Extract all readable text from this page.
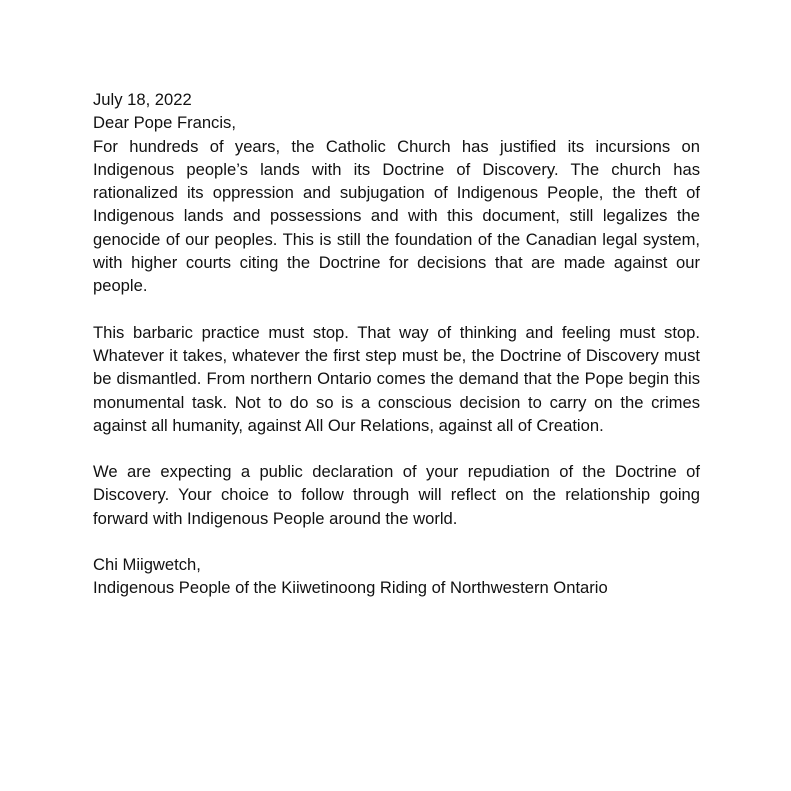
July 18, 2022

Dear Pope Francis,

For hundreds of years, the Catholic Church has justified its incursions on Indigenous people’s lands with its Doctrine of Discovery. The church has rationalized its oppression and subjugation of Indigenous People, the theft of Indigenous lands and possessions and with this document, still legalizes the genocide of our peoples. This is still the foundation of the Canadian legal system, with higher courts citing the Doctrine for decisions that are made against our people.

This barbaric practice must stop. That way of thinking and feeling must stop. Whatever it takes, whatever the first step must be, the Doctrine of Discovery must be dismantled. From northern Ontario comes the demand that the Pope begin this monumental task. Not to do so is a conscious decision to carry on the crimes against all humanity, against All Our Relations, against all of Creation.

We are expecting a public declaration of your repudiation of the Doctrine of Discovery. Your choice to follow through will reflect on the relationship going forward with Indigenous People around the world.

Chi Miigwetch,

Indigenous People of the Kiiwetinoong Riding of Northwestern Ontario
